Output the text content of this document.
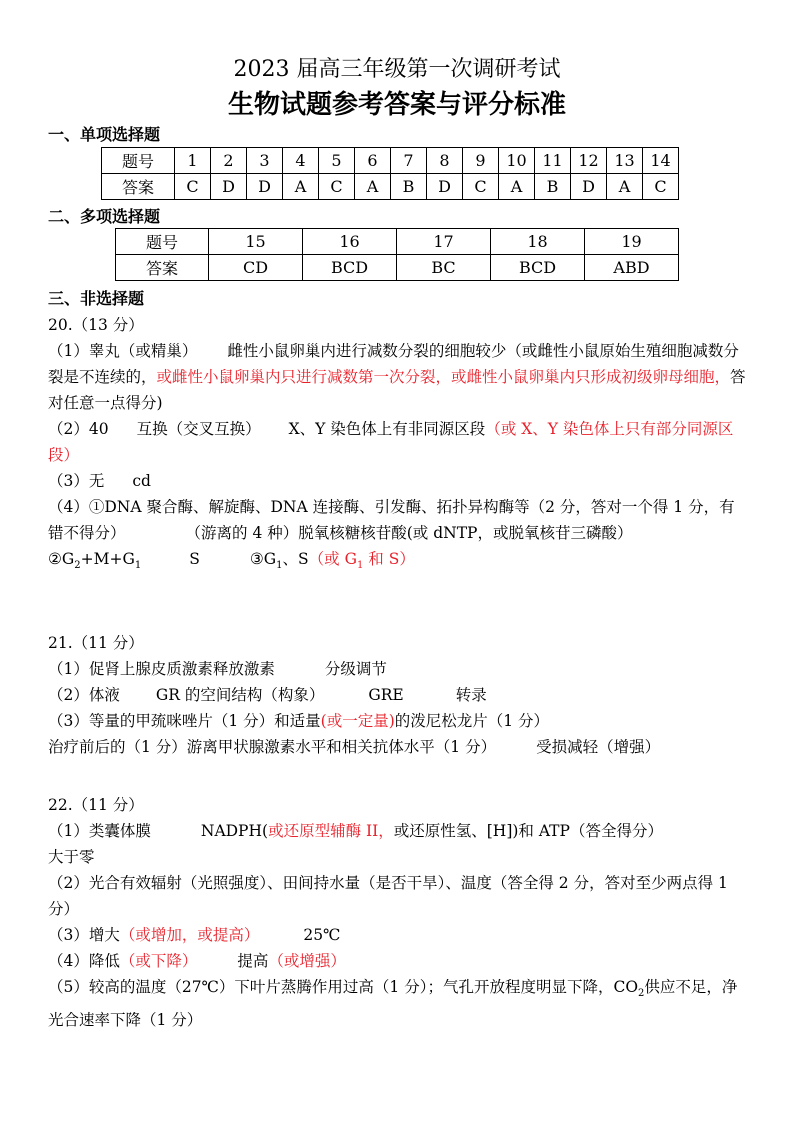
2023 届高三年级第一次调研考试
生物试题参考答案与评分标准
一、单项选择题
题号	1	2	3	4	5	6	7	8	9	10	11	12	13	14
答案	C	D	D	A	C	A	B	D	C	A	B	D	A	C
二、多项选择题
题号	15	16	17	18	19
答案	CD	BCD	BC	BCD	ABD
三、非选择题
20.（13 分）
（1）睾丸（或精巢） 雌性小鼠卵巢内进行减数分裂的细胞较少（或雌性小鼠原始生殖细胞减数分裂是不连续的，或雌性小鼠卵巢内只进行减数第一次分裂，或雌性小鼠卵巢内只形成初级卵母细胞，答对任意一点得分)
（2）40 互换（交叉互换） X、Y 染色体上有非同源区段（或 X、Y 染色体上只有部分同源区段）
（3）无 cd
（4）①DNA 聚合酶、解旋酶、DNA 连接酶、引发酶、拓扑异构酶等（2 分，答对一个得 1 分，有错不得分）	（游离的 4 种）脱氧核糖核苷酸(或 dNTP，或脱氧核苷三磷酸）
$②G_2+M+G_1$	S	$③G_1$、S（或 $G_1$ 和 S）
21.（11 分）
（1）促肾上腺皮质激素释放激素	分级调节
（2）体液 GR 的空间结构（构象）	GRE	转录
（3）等量的甲巯咪唑片（1 分）和适量(或一定量)的泼尼松龙片（1 分）
治疗前后的（1 分）游离甲状腺激素水平和相关抗体水平（1 分）	受损减轻（增强）
22.（11 分）
（1）类囊体膜	NADPH(或还原型辅酶 II，或还原性氢、[H])和 ATP（答全得分）
大于零
（2）光合有效辐射（光照强度）、田间持水量（是否干旱）、温度（答全得 2 分，答对至少两点得 1 分）
（3）增大（或增加，或提高）	25℃
（4）降低（或下降）	提高（或增强）
（5）较高的温度（27℃）下叶片蒸腾作用过高（1 分）；气孔开放程度明显下降，$CO_2$供应不足，净光合速率下降（1 分）
